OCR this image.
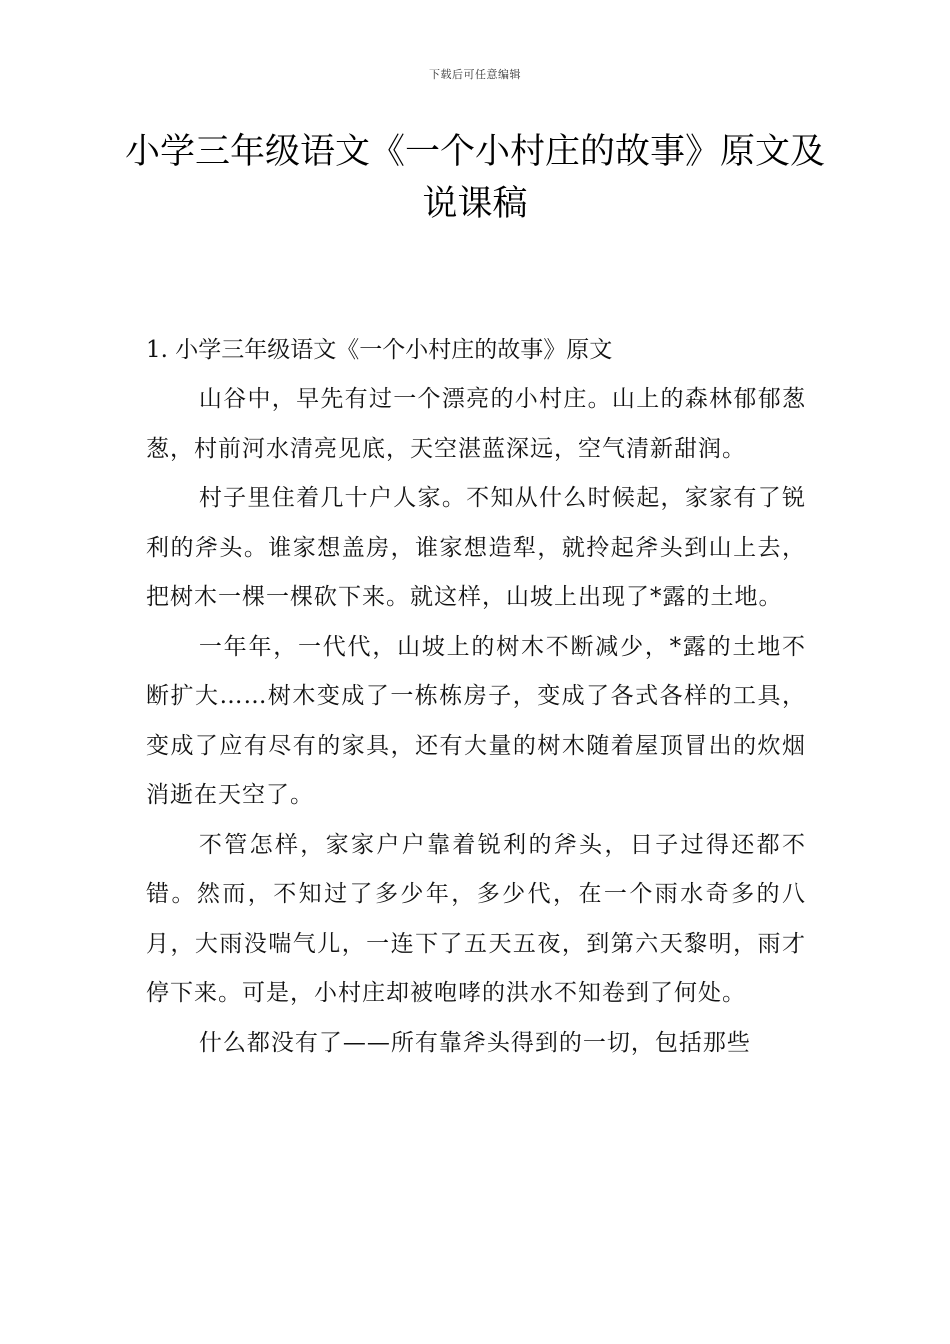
下载后可任意编辑
小学三年级语文《一个小村庄的故事》原文及说课稿

1. 小学三年级语文《一个小村庄的故事》原文

山谷中，早先有过一个漂亮的小村庄。山上的森林郁郁葱葱，村前河水清亮见底，天空湛蓝深远，空气清新甜润。

村子里住着几十户人家。不知从什么时候起，家家有了锐利的斧头。谁家想盖房，谁家想造犁，就拎起斧头到山上去，把树木一棵一棵砍下来。就这样，山坡上出现了*露的土地。

一年年，一代代，山坡上的树木不断减少，*露的土地不断扩大……树木变成了一栋栋房子，变成了各式各样的工具，变成了应有尽有的家具，还有大量的树木随着屋顶冒出的炊烟消逝在天空了。

不管怎样，家家户户靠着锐利的斧头，日子过得还都不错。然而，不知过了多少年，多少代，在一个雨水奇多的八月，大雨没喘气儿，一连下了五天五夜，到第六天黎明，雨才停下来。可是，小村庄却被咆哮的洪水不知卷到了何处。

什么都没有了——所有靠斧头得到的一切，包括那些
